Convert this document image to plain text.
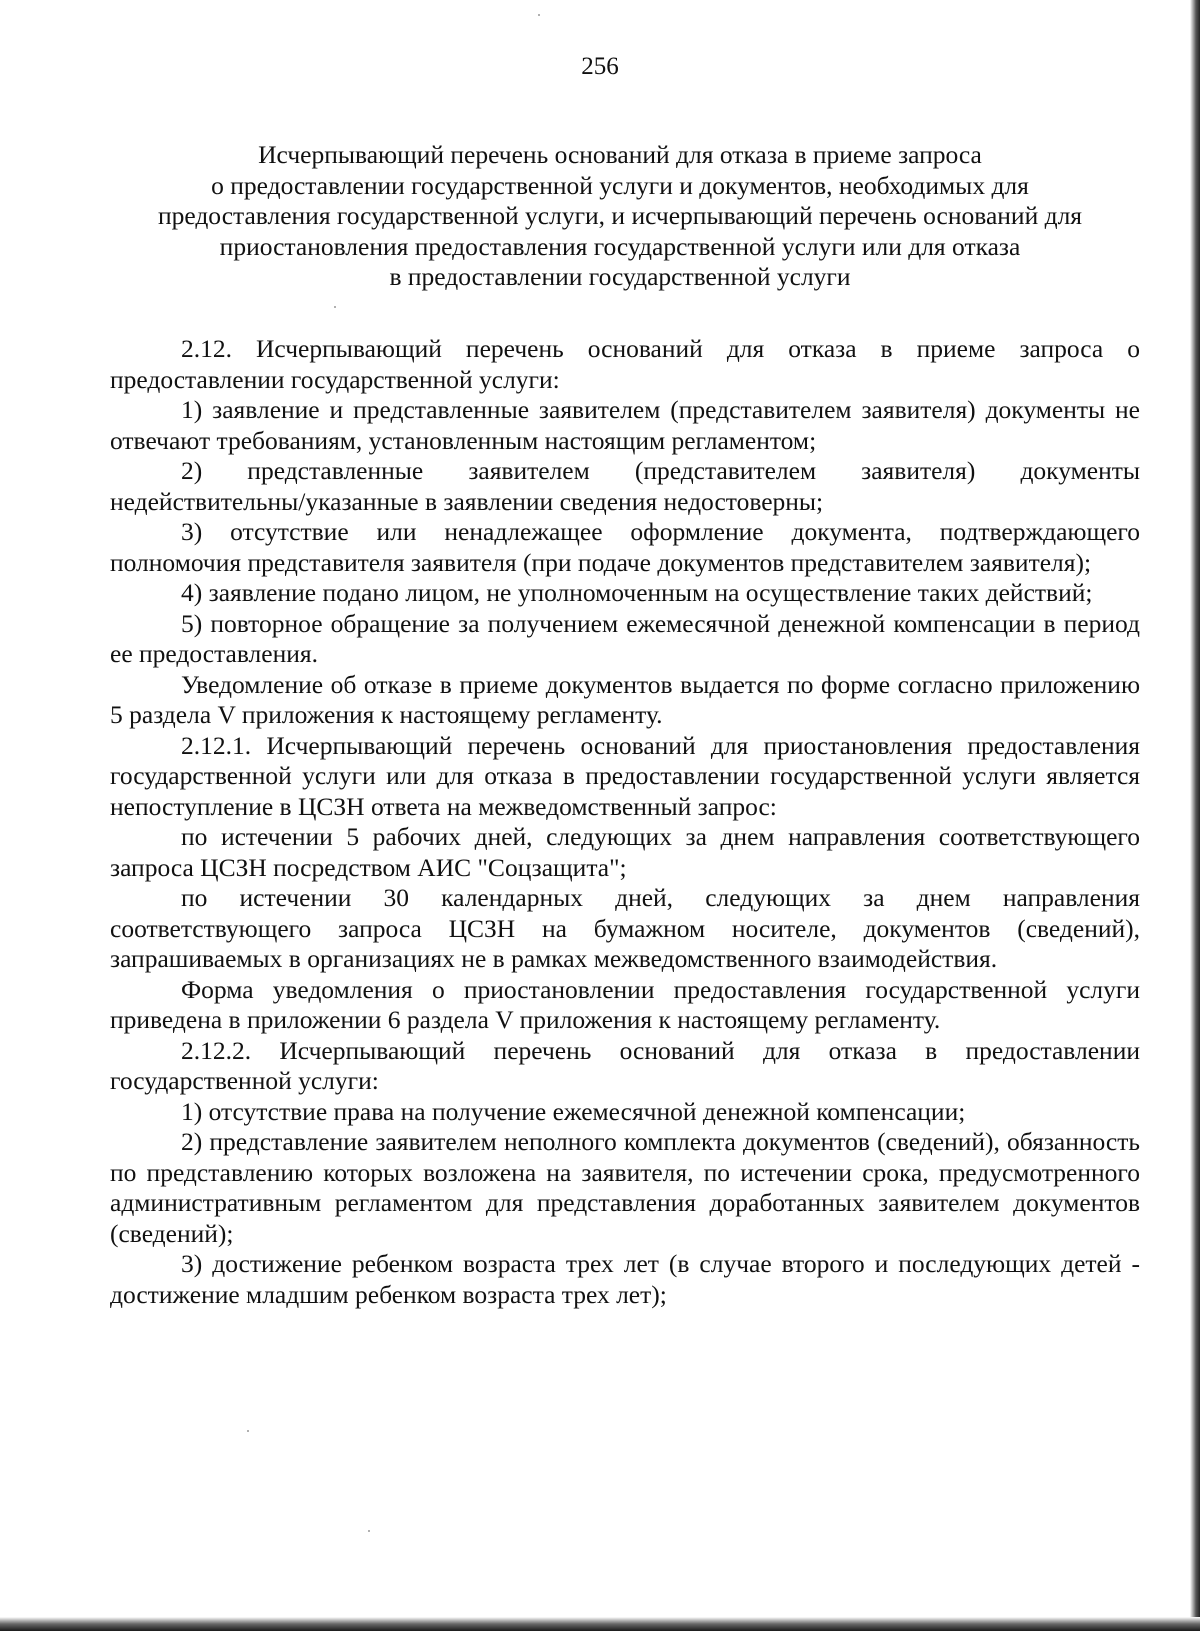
256
Исчерпывающий перечень оснований для отказа в приеме запроса
о предоставлении государственной услуги и документов, необходимых для
предоставления государственной услуги, и исчерпывающий перечень оснований для
приостановления предоставления государственной услуги или для отказа
в предоставлении государственной услуги

2.12. Исчерпывающий перечень оснований для отказа в приеме запроса о предоставлении государственной услуги:

1) заявление и представленные заявителем (представителем заявителя) документы не отвечают требованиям, установленным настоящим регламентом;

2) представленные заявителем (представителем заявителя) документы недействительны/указанные в заявлении сведения недостоверны;

3) отсутствие или ненадлежащее оформление документа, подтверждающего полномочия представителя заявителя (при подаче документов представителем заявителя);

4) заявление подано лицом, не уполномоченным на осуществление таких действий;

5) повторное обращение за получением ежемесячной денежной компенсации в период ее предоставления.

Уведомление об отказе в приеме документов выдается по форме согласно приложению 5 раздела V приложения к настоящему регламенту.

2.12.1. Исчерпывающий перечень оснований для приостановления предоставления государственной услуги или для отказа в предоставлении государственной услуги является непоступление в ЦСЗН ответа на межведомственный запрос:

по истечении 5 рабочих дней, следующих за днем направления соответствующего запроса ЦСЗН посредством АИС "Соцзащита";

по истечении 30 календарных дней, следующих за днем направления соответствующего запроса ЦСЗН на бумажном носителе, документов (сведений), запрашиваемых в организациях не в рамках межведомственного взаимодействия.

Форма уведомления о приостановлении предоставления государственной услуги приведена в приложении 6 раздела V приложения к настоящему регламенту.

2.12.2. Исчерпывающий перечень оснований для отказа в предоставлении государственной услуги:

1) отсутствие права на получение ежемесячной денежной компенсации;

2) представление заявителем неполного комплекта документов (сведений), обязанность по представлению которых возложена на заявителя, по истечении срока, предусмотренного административным регламентом для представления доработанных заявителем документов (сведений);

3) достижение ребенком возраста трех лет (в случае второго и последующих детей - достижение младшим ребенком возраста трех лет);
